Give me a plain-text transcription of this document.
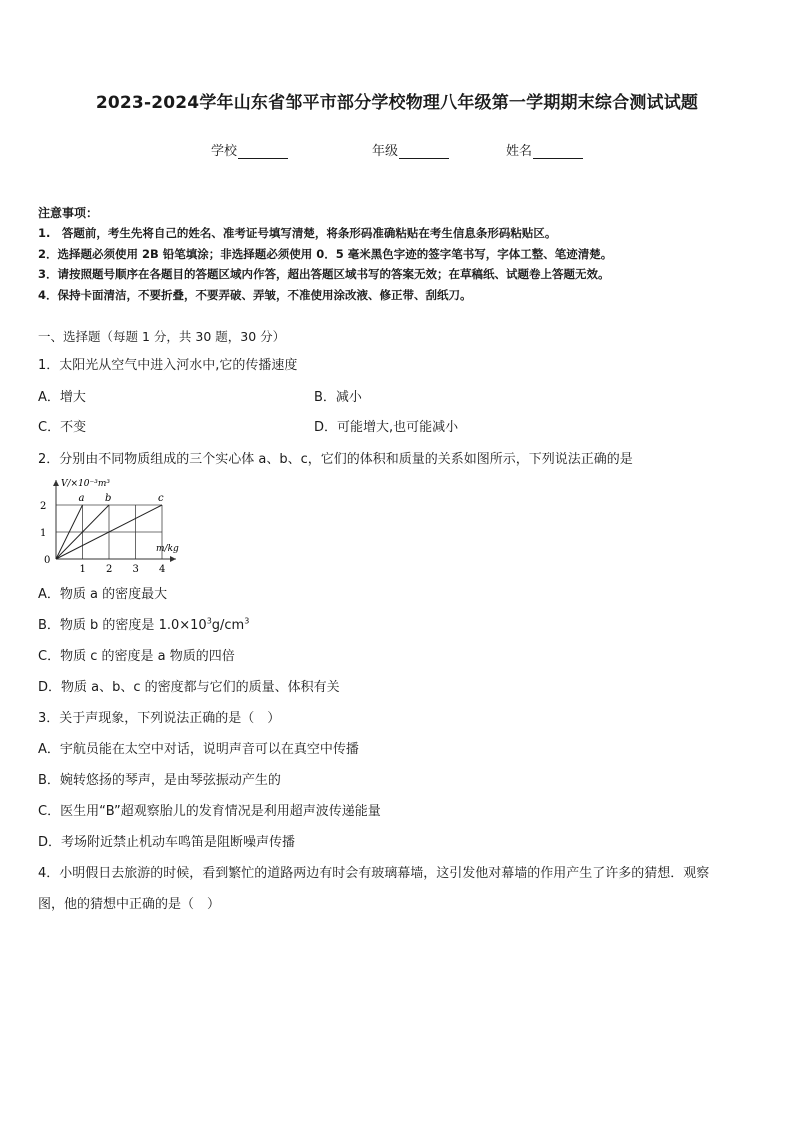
2023-2024学年山东省邹平市部分学校物理八年级第一学期期末综合测试试题
学校	年级	姓名
注意事项：
1.　答题前，考生先将自己的姓名、准考证号填写清楚，将条形码准确粘贴在考生信息条形码粘贴区。
2．选择题必须使用 2B 铅笔填涂；非选择题必须使用 0．5 毫米黑色字迹的签字笔书写，字体工整、笔迹清楚。
3．请按照题号顺序在各题目的答题区域内作答，超出答题区域书写的答案无效；在草稿纸、试题卷上答题无效。
4．保持卡面清洁，不要折叠，不要弄破、弄皱，不准使用涂改液、修正带、刮纸刀。
一、选择题（每题 1 分，共 30 题，30 分）
1．太阳光从空气中进入河水中,它的传播速度
A．增大	B．减小
C．不变	D．可能增大,也可能减小
2．分别由不同物质组成的三个实心体 a、b、c，它们的体积和质量的关系如图所示，下列说法正确的是
1 2 3 4
1
2
a b	c
V/×10⁻³m³
m/kg
0
A．物质 a 的密度最大
B．物质 b 的密度是 $1.0\times 10^3g/cm^3$
C．物质 c 的密度是 a 物质的四倍
D．物质 a、b、c 的密度都与它们的质量、体积有关
3．关于声现象，下列说法正确的是（　）
A．宇航员能在太空中对话，说明声音可以在真空中传播
B．婉转悠扬的琴声，是由琴弦振动产生的
C．医生用“B”超观察胎儿的发育情况是利用超声波传递能量
D．考场附近禁止机动车鸣笛是阻断噪声传播
4．小明假日去旅游的时候，看到繁忙的道路两边有时会有玻璃幕墙，这引发他对幕墙的作用产生了许多的猜想．观察
图，他的猜想中正确的是（　）
